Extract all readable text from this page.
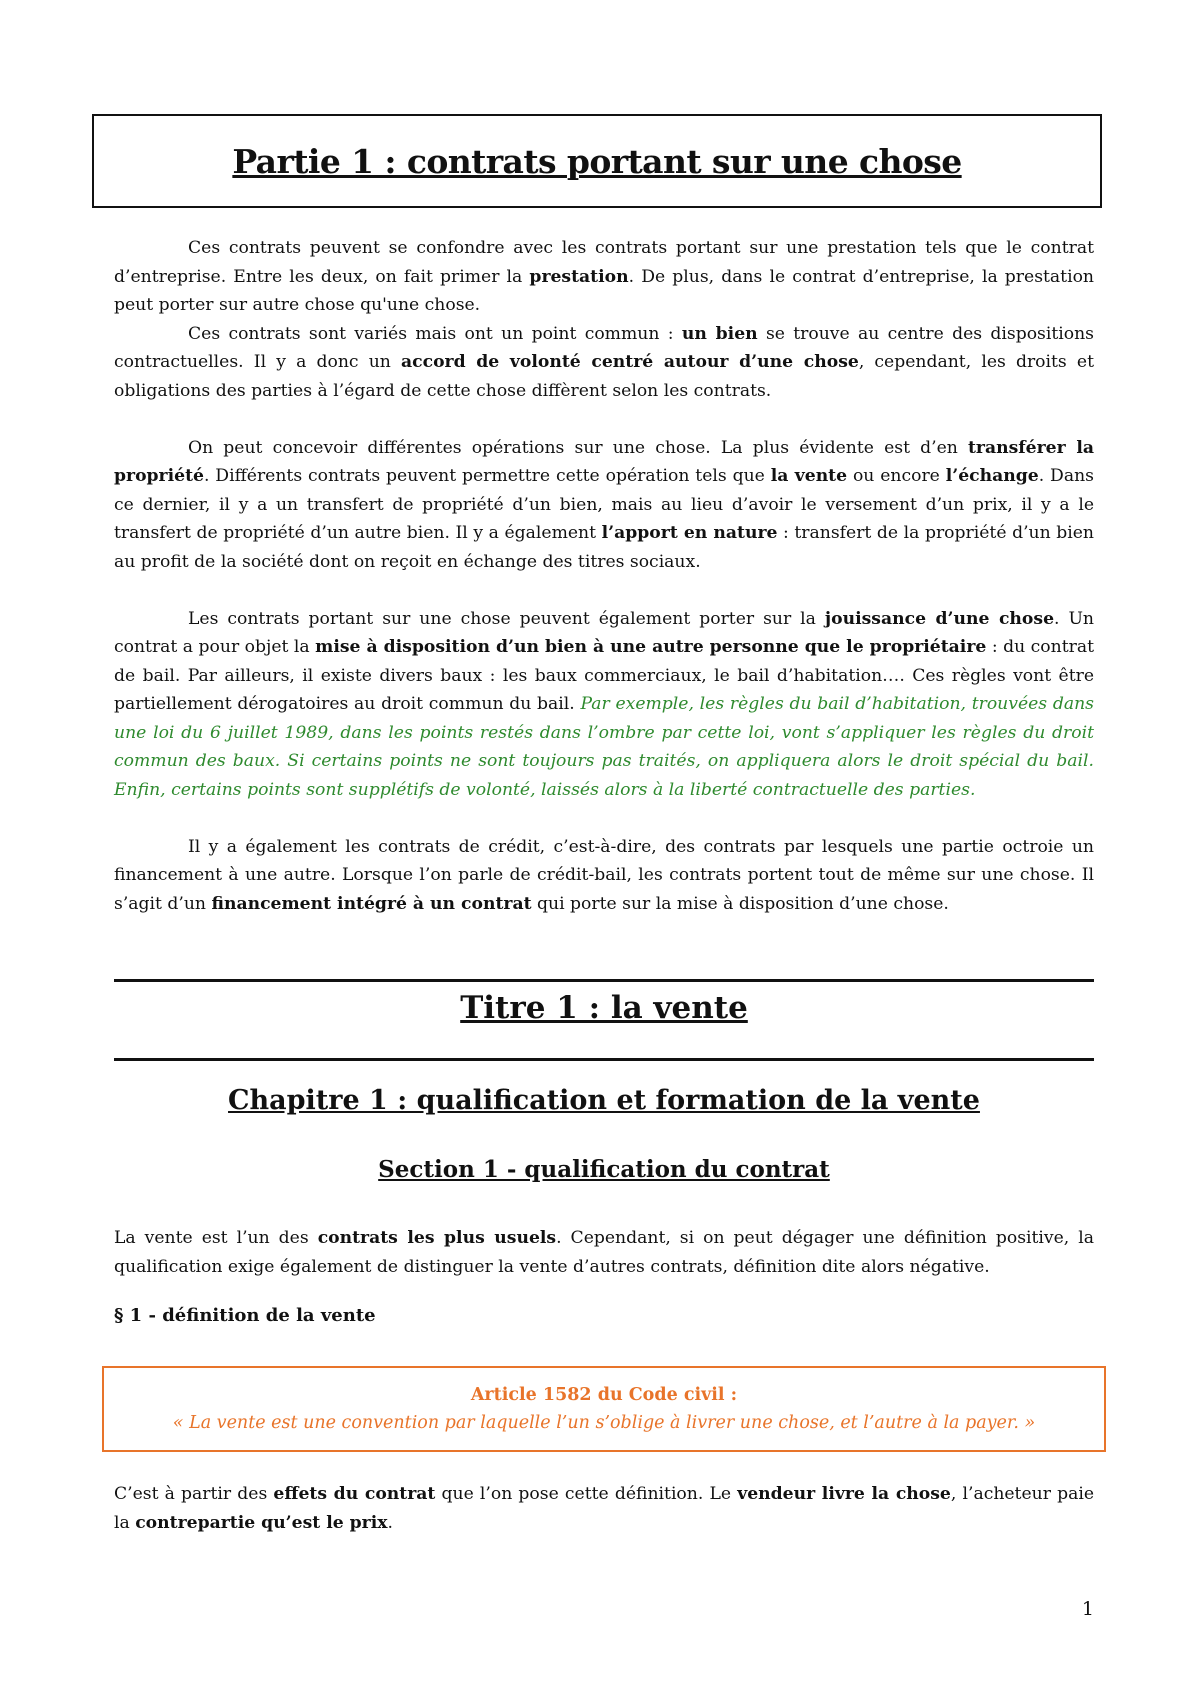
Partie 1 : contrats portant sur une chose

Ces contrats peuvent se confondre avec les contrats portant sur une prestation tels que le contrat d’entreprise. Entre les deux, on fait primer la prestation. De plus, dans le contrat d’entreprise, la prestation peut porter sur autre chose qu'une chose.

Ces contrats sont variés mais ont un point commun : un bien se trouve au centre des dispositions contractuelles. Il y a donc un accord de volonté centré autour d’une chose, cependant, les droits et obligations des parties à l’égard de cette chose diffèrent selon les contrats.

On peut concevoir différentes opérations sur une chose. La plus évidente est d’en transférer la propriété. Différents contrats peuvent permettre cette opération tels que la vente ou encore l’échange. Dans ce dernier, il y a un transfert de propriété d’un bien, mais au lieu d’avoir le versement d’un prix, il y a le transfert de propriété d’un autre bien. Il y a également l’apport en nature : transfert de la propriété d’un bien au profit de la société dont on reçoit en échange des titres sociaux.

Les contrats portant sur une chose peuvent également porter sur la jouissance d’une chose. Un contrat a pour objet la mise à disposition d’un bien à une autre personne que le propriétaire : du contrat de bail. Par ailleurs, il existe divers baux : les baux commerciaux, le bail d’habitation…. Ces règles vont être partiellement dérogatoires au droit commun du bail. Par exemple, les règles du bail d’habitation, trouvées dans une loi du 6 juillet 1989, dans les points restés dans l’ombre par cette loi, vont s’appliquer les règles du droit commun des baux. Si certains points ne sont toujours pas traités, on appliquera alors le droit spécial du bail. Enfin, certains points sont supplétifs de volonté, laissés alors à la liberté contractuelle des parties.

Il y a également les contrats de crédit, c’est-à-dire, des contrats par lesquels une partie octroie un financement à une autre. Lorsque l’on parle de crédit-bail, les contrats portent tout de même sur une chose. Il s’agit d’un financement intégré à un contrat qui porte sur la mise à disposition d’une chose.

Titre 1 : la vente
Chapitre 1 : qualification et formation de la vente
Section 1 - qualification du contrat

La vente est l’un des contrats les plus usuels. Cependant, si on peut dégager une définition positive, la qualification exige également de distinguer la vente d’autres contrats, définition dite alors négative.

§ 1 - définition de la vente
Article 1582 du Code civil :
« La vente est une convention par laquelle l’un s’oblige à livrer une chose, et l’autre à la payer. »

C’est à partir des effets du contrat que l’on pose cette définition. Le vendeur livre la chose, l’acheteur paie la contrepartie qu’est le prix.

1
